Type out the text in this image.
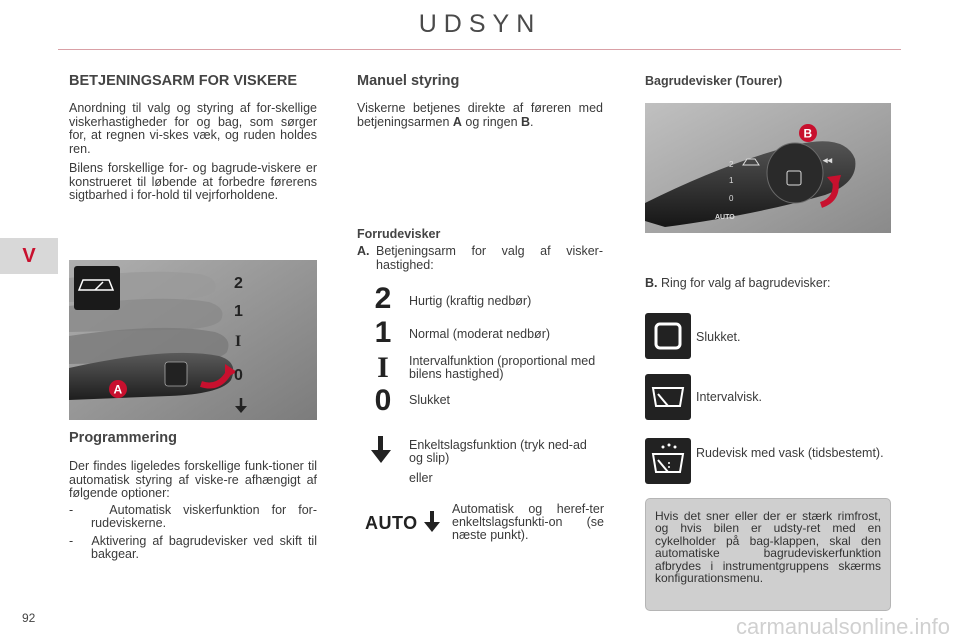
UDSYN
V
92
BETJENINGSARM FOR VISKERE

Anordning til valg og styring af for-skellige viskerhastigheder for og bag, som sørger for, at regnen vi-skes væk, og ruden holdes ren.

Bilens forskellige for- og bagrude-viskere er konstrueret til løbende at forbedre førerens sigtbarhed i for-hold til vejrforholdene.

2
1
I
0
A
Programmering

Der findes ligeledes forskellige funk-tioner til automatisk styring af viske-re afhængigt af følgende optioner:

-   Automatisk viskerfunktion for for-rudeviskerne.
-   Aktivering af bagrudevisker ved skift til bakgear.
Manuel styring

Viskerne betjenes direkte af føreren med betjeningsarmen A og ringen B.

Forrudevisker
A. Betjeningsarm for valg af visker-hastighed:
2	Hurtig (kraftig nedbør)
1	Normal (moderat nedbør)
I	Intervalfunktion (proportional med bilens hastighed)
0	Slukket
Enkeltslagsfunktion (tryk ned-ad og slip)
eller
AUTO
Automatisk og heref-ter enkeltslagsfunkti-on (se næste punkt).
Bagrudevisker (Tourer)
2
1
0
AUTO
◂◂
B
B. Ring for valg af bagrudevisker:
Slukket.
Intervalvisk.
Rudevisk med vask (tidsbestemt).

Hvis det sner eller der er stærk rimfrost, og hvis bilen er udsty-ret med en cykelholder på bag-klappen, skal den automatiske bagrudeviskerfunktion afbrydes i instrumentgruppens skærms konfigurationsmenu.

carmanualsonline.info
